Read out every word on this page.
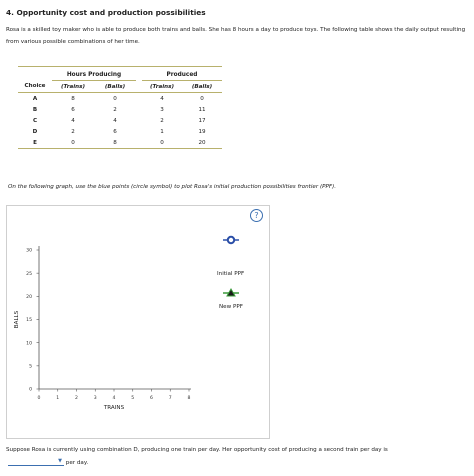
4. Opportunity cost and production possibilities
Rosa is a skilled toy maker who is able to produce both trains and balls. She has 8 hours a day to produce toys. The following table shows the daily output resulting from various possible combinations of her time.

	Hours Producing			Produced	
Choice	(Trains)	(Balls)		(Trains)	(Balls)
A	8	0		4	0
B	6	2		3	11
C	4	4		2	17
D	2	6		1	19
E	0	8		0	20

On the following graph, use the blue points (circle symbol) to plot Rosa's initial production possibilities frontier (PPF).
0	1	2	3	4	5	6	7	8
0
5
10
15
20
25
30
Initial PPF
New PPF
TRAINS
BALLS
?
Suppose Rosa is currently using combination D, producing one train per day. Her opportunity cost of producing a second train per day is
▼ per day.
